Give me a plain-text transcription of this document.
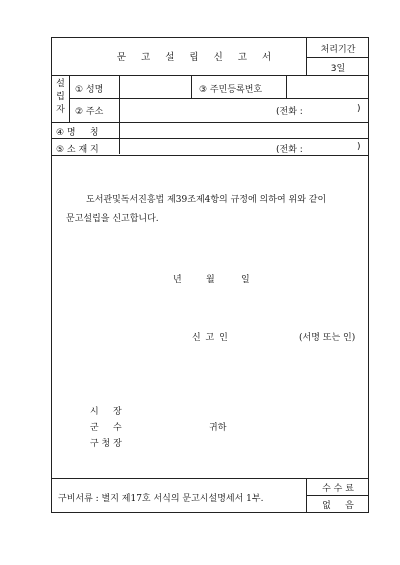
문 고 설 립 신 고 서
처리기간
3일
설
립
자
① 성명	③ 주민등록번호
② 주소	(전화 :	)
④ 명     칭
⑤ 소 재 지	(전화 :	)
도서관및독서진흥법 제39조제4항의 규정에 의하여 위와 같이
문고설립을 신고합니다.
년	월	일
신 고 인	(서명 또는 인)
시     장
군     수
구 청 장
귀하
구비서류 : 별지 제17호 서식의 문고시설명세서 1부.
수 수 료
없     음
